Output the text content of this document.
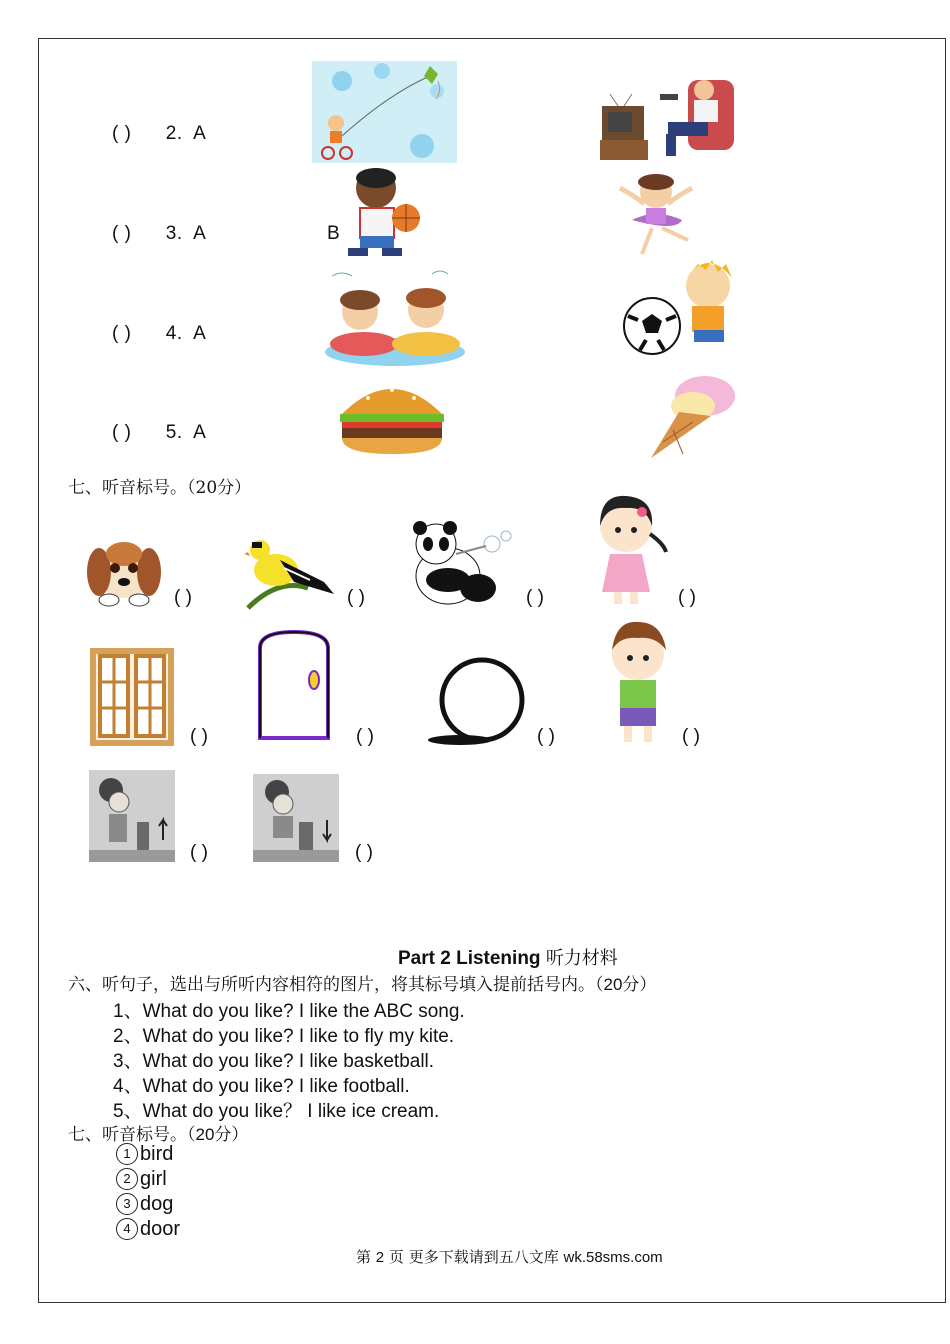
( ) 2. A
( ) 3. A	B
( ) 4. A
( ) 5. A
七、听音标号。（20分）
( )	( )	( )	( )
( )	( )	( )	( )
( )	( )
Part 2 Listening 听力材料
六、听句子，选出与所听内容相符的图片，将其标号填入提前括号内。（20分）
1、What do you like? I like the ABC song.
2、What do you like? I like to fly my kite.
3、What do you like? I like basketball.
4、What do you like? I like football.
5、What do you like？ I like ice cream.
七、听音标号。（20分）
1 bird
2 girl
3 dog
4 door
第 2 页 更多下载请到五八文库 wk.58sms.com
